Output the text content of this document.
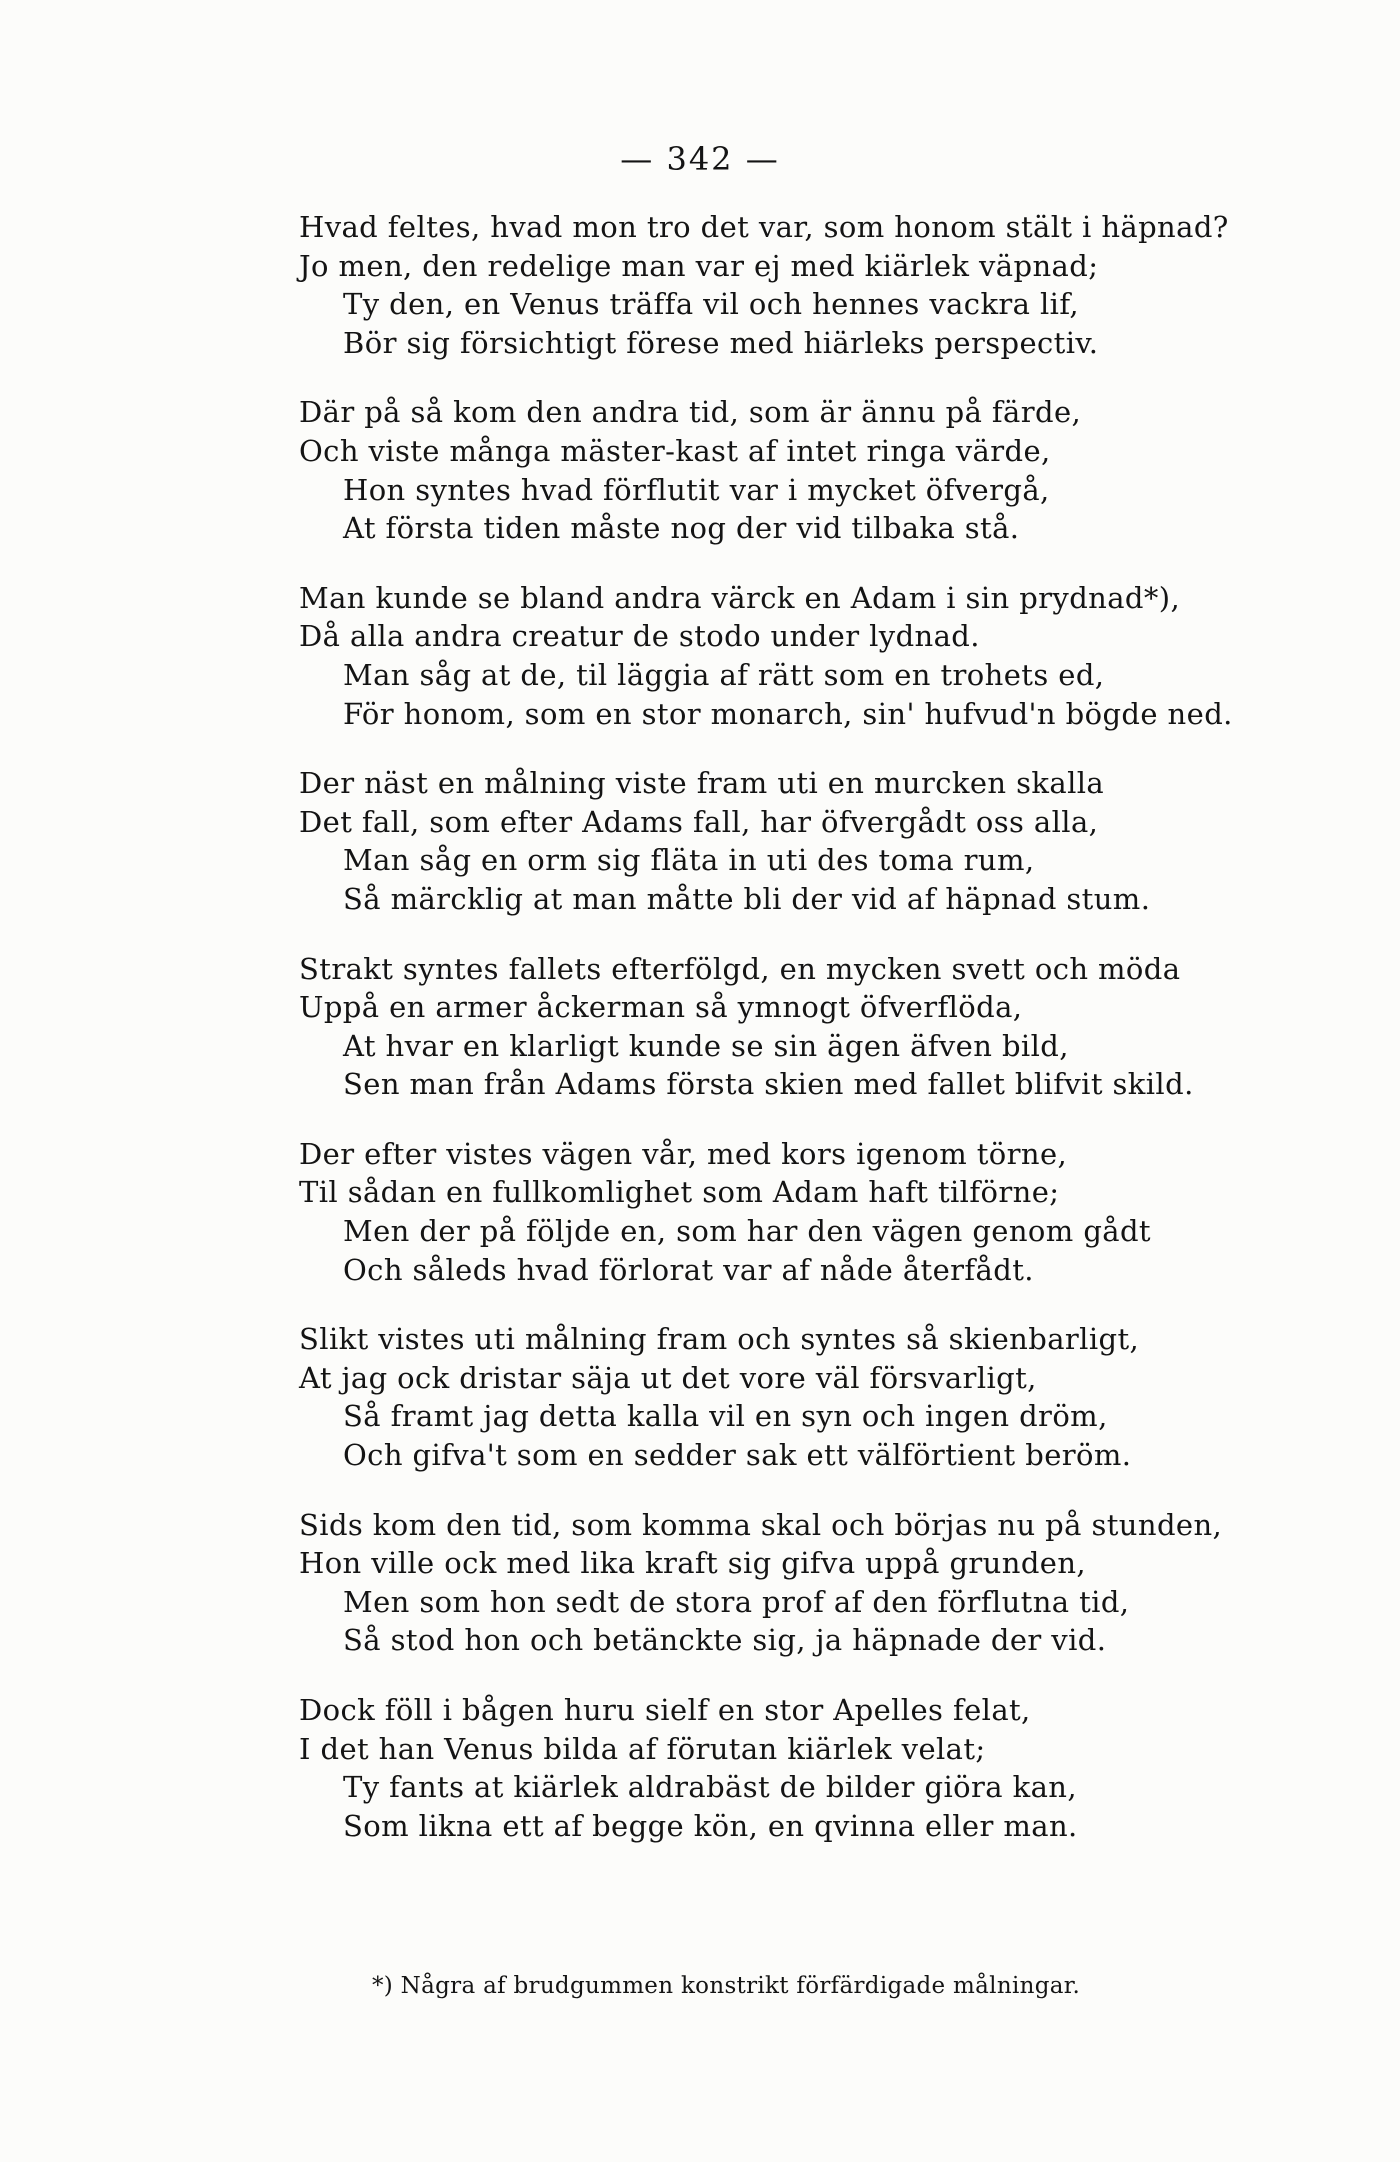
— 342 —
Hvad feltes, hvad mon tro det var, som honom stält i häpnad?
Jo men, den redelige man var ej med kiärlek väpnad;
Ty den, en Venus träffa vil och hennes vackra lif,
Bör sig försichtigt förese med hiärleks perspectiv.
Där på så kom den andra tid, som är ännu på färde,
Och viste många mäster-kast af intet ringa värde,
Hon syntes hvad förflutit var i mycket öfvergå,
At första tiden måste nog der vid tilbaka stå.
Man kunde se bland andra värck en Adam i sin prydnad*),
Då alla andra creatur de stodo under lydnad.
Man såg at de, til läggia af rätt som en trohets ed,
För honom, som en stor monarch, sin' hufvud'n bögde ned.
Der näst en målning viste fram uti en murcken skalla
Det fall, som efter Adams fall, har öfvergådt oss alla,
Man såg en orm sig fläta in uti des toma rum,
Så märcklig at man måtte bli der vid af häpnad stum.
Strakt syntes fallets efterfölgd, en mycken svett och möda
Uppå en armer åckerman så ymnogt öfverflöda,
At hvar en klarligt kunde se sin ägen äfven bild,
Sen man från Adams första skien med fallet blifvit skild.
Der efter vistes vägen vår, med kors igenom törne,
Til sådan en fullkomlighet som Adam haft tilförne;
Men der på följde en, som har den vägen genom gådt
Och såleds hvad förlorat var af nåde återfådt.
Slikt vistes uti målning fram och syntes så skienbarligt,
At jag ock dristar säja ut det vore väl försvarligt,
Så framt jag detta kalla vil en syn och ingen dröm,
Och gifva't som en sedder sak ett välförtient beröm.
Sids kom den tid, som komma skal och börjas nu på stunden,
Hon ville ock med lika kraft sig gifva uppå grunden,
Men som hon sedt de stora prof af den förflutna tid,
Så stod hon och betänckte sig, ja häpnade der vid.
Dock föll i bågen huru sielf en stor Apelles felat,
I det han Venus bilda af förutan kiärlek velat;
Ty fants at kiärlek aldrabäst de bilder giöra kan,
Som likna ett af begge kön, en qvinna eller man.
*) Några af brudgummen konstrikt förfärdigade målningar.
